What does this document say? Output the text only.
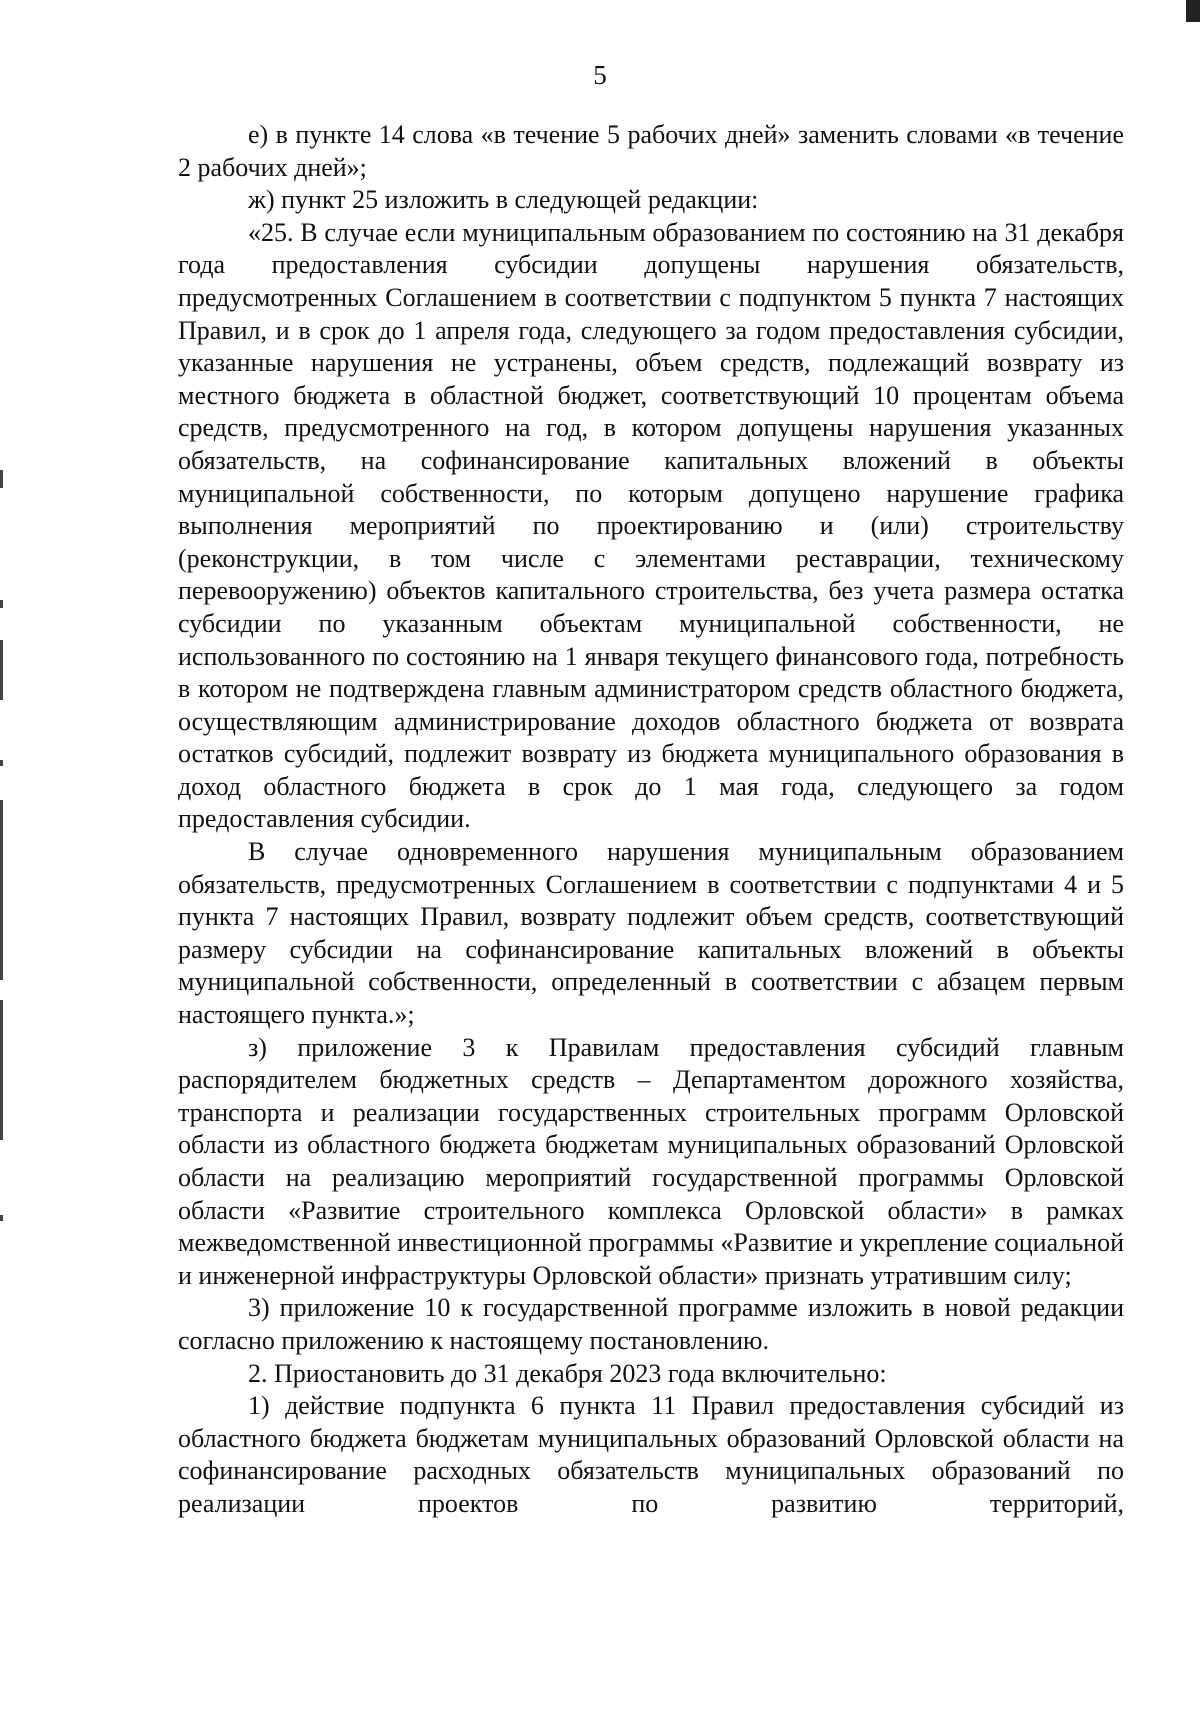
5

е) в пункте 14 слова «в течение 5 рабочих дней» заменить словами «в течение 2 рабочих дней»;

ж) пункт 25 изложить в следующей редакции:

«25. В случае если муниципальным образованием по состоянию на 31 декабря года предоставления субсидии допущены нарушения обязательств, предусмотренных Соглашением в соответствии с подпунктом 5 пункта 7 настоящих Правил, и в срок до 1 апреля года, следующего за годом предоставления субсидии, указанные нарушения не устранены, объем средств, подлежащий возврату из местного бюджета в областной бюджет, соответствующий 10 процентам объема средств, предусмотренного на год, в котором допущены нарушения указанных обязательств, на софинансирование капитальных вложений в объекты муниципальной собственности, по которым допущено нарушение графика выполнения мероприятий по проектированию и (или) строительству (реконструкции, в том числе с элементами реставрации, техническому перевооружению) объектов капитального строительства, без учета размера остатка субсидии по указанным объектам муниципальной собственности, не использованного по состоянию на 1 января текущего финансового года, потребность в котором не подтверждена главным администратором средств областного бюджета, осуществляющим администрирование доходов областного бюджета от возврата остатков субсидий, подлежит возврату из бюджета муниципального образования в доход областного бюджета в срок до 1 мая года, следующего за годом предоставления субсидии.

В случае одновременного нарушения муниципальным образованием обязательств, предусмотренных Соглашением в соответствии с подпунктами 4 и 5 пункта 7 настоящих Правил, возврату подлежит объем средств, соответствующий размеру субсидии на софинансирование капитальных вложений в объекты муниципальной собственности, определенный в соответствии с абзацем первым настоящего пункта.»;

з) приложение 3 к Правилам предоставления субсидий главным распорядителем бюджетных средств – Департаментом дорожного хозяйства, транспорта и реализации государственных строительных программ Орловской области из областного бюджета бюджетам муниципальных образований Орловской области на реализацию мероприятий государственной программы Орловской области «Развитие строительного комплекса Орловской области» в рамках межведомственной инвестиционной программы «Развитие и укрепление социальной и инженерной инфраструктуры Орловской области» признать утратившим силу;

3) приложение 10 к государственной программе изложить в новой редакции согласно приложению к настоящему постановлению.

2. Приостановить до 31 декабря 2023 года включительно:

1) действие подпункта 6 пункта 11 Правил предоставления субсидий из областного бюджета бюджетам муниципальных образований Орловской области на софинансирование расходных обязательств муниципальных образований по реализации проектов по развитию территорий,
